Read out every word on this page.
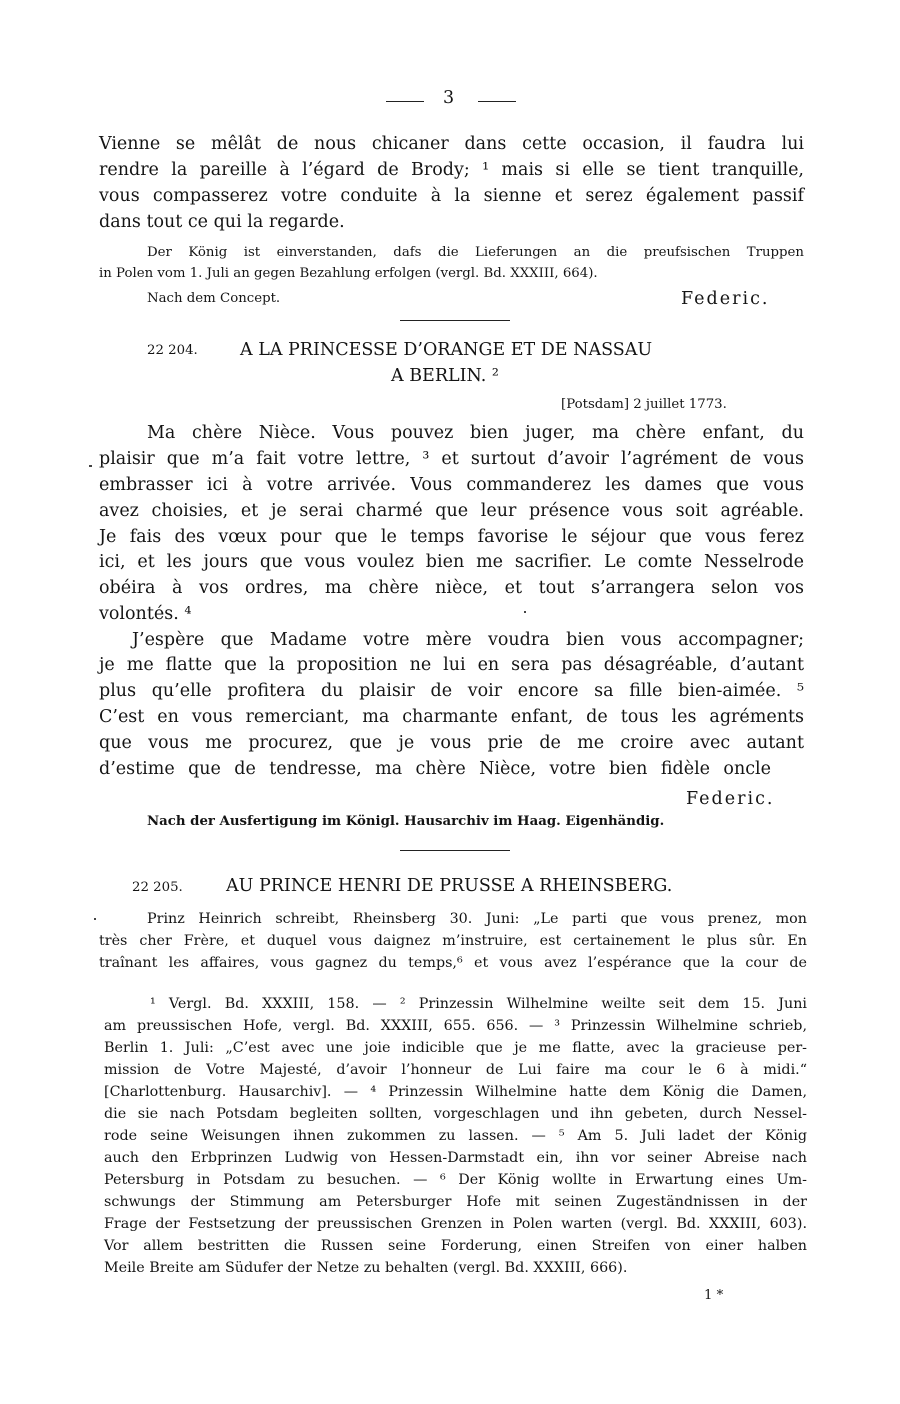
3
Vienne se mêlât de nous chicaner dans cette occasion, il faudra lui
rendre la pareille à l’égard de Brody; ¹ mais si elle se tient tranquille,
vous compasserez votre conduite à la sienne et serez également passif
dans tout ce qui la regarde.
Der König ist einverstanden, dafs die Lieferungen an die preufsischen Truppen
in Polen vom 1. Juli an gegen Bezahlung erfolgen (vergl. Bd. XXXIII, 664).
Nach dem Concept.	Federic.
22 204. A LA PRINCESSE D’ORANGE ET DE NASSAU
A BERLIN. ²
[Potsdam] 2 juillet 1773.
Ma chère Nièce. Vous pouvez bien juger, ma chère enfant, du
plaisir que m’a fait votre lettre, ³ et surtout d’avoir l’agrément de vous
embrasser ici à votre arrivée. Vous commanderez les dames que vous
avez choisies, et je serai charmé que leur présence vous soit agréable.
Je fais des vœux pour que le temps favorise le séjour que vous ferez
ici, et les jours que vous voulez bien me sacrifier. Le comte Nesselrode
obéira à vos ordres, ma chère nièce, et tout s’arrangera selon vos
volontés. ⁴
J’espère que Madame votre mère voudra bien vous accompagner;
je me flatte que la proposition ne lui en sera pas désagréable, d’autant
plus qu’elle profitera du plaisir de voir encore sa fille bien-aimée. ⁵
C’est en vous remerciant, ma charmante enfant, de tous les agréments
que vous me procurez, que je vous prie de me croire avec autant
d’estime que de tendresse, ma chère Nièce, votre bien fidèle oncle
Federic.
Nach der Ausfertigung im Königl. Hausarchiv im Haag. Eigenhändig.
22 205. AU PRINCE HENRI DE PRUSSE A RHEINSBERG.
Prinz Heinrich schreibt, Rheinsberg 30. Juni: „Le parti que vous prenez, mon
très cher Frère, et duquel vous daignez m’instruire, est certainement le plus sûr. En
traînant les affaires, vous gagnez du temps,⁶ et vous avez l’espérance que la cour de
¹ Vergl. Bd. XXXIII, 158. — ² Prinzessin Wilhelmine weilte seit dem 15. Juni
am preussischen Hofe, vergl. Bd. XXXIII, 655. 656. — ³ Prinzessin Wilhelmine schrieb,
Berlin 1. Juli: „C’est avec une joie indicible que je me flatte, avec la gracieuse per-
mission de Votre Majesté, d’avoir l’honneur de Lui faire ma cour le 6 à midi.“
[Charlottenburg. Hausarchiv]. — ⁴ Prinzessin Wilhelmine hatte dem König die Damen,
die sie nach Potsdam begleiten sollten, vorgeschlagen und ihn gebeten, durch Nessel-
rode seine Weisungen ihnen zukommen zu lassen. — ⁵ Am 5. Juli ladet der König
auch den Erbprinzen Ludwig von Hessen-Darmstadt ein, ihn vor seiner Abreise nach
Petersburg in Potsdam zu besuchen. — ⁶ Der König wollte in Erwartung eines Um-
schwungs der Stimmung am Petersburger Hofe mit seinen Zugeständnissen in der
Frage der Festsetzung der preussischen Grenzen in Polen warten (vergl. Bd. XXXIII, 603).
Vor allem bestritten die Russen seine Forderung, einen Streifen von einer halben
Meile Breite am Südufer der Netze zu behalten (vergl. Bd. XXXIII, 666).
1 *
